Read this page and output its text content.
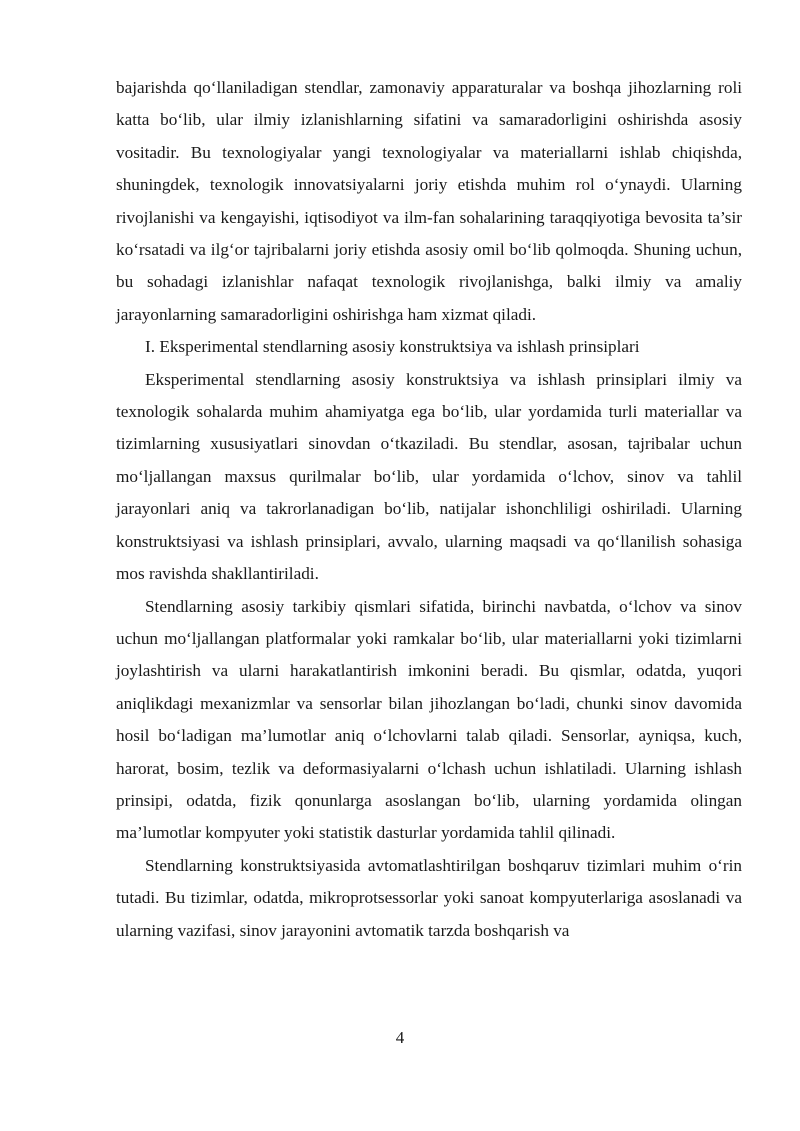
bajarishda qo‘llaniladigan stendlar, zamonaviy apparaturalar va boshqa jihozlarning roli katta bo‘lib, ular ilmiy izlanishlarning sifatini va samaradorligini oshirishda asosiy vositadir. Bu texnologiyalar yangi texnologiyalar va materiallarni ishlab chiqishda, shuningdek, texnologik innovatsiyalarni joriy etishda muhim rol o‘ynaydi. Ularning rivojlanishi va kengayishi, iqtisodiyot va ilm-fan sohalarining taraqqiyotiga bevosita ta’sir ko‘rsatadi va ilg‘or tajribalarni joriy etishda asosiy omil bo‘lib qolmoqda. Shuning uchun, bu sohadagi izlanishlar nafaqat texnologik rivojlanishga, balki ilmiy va amaliy jarayonlarning samaradorligini oshirishga ham xizmat qiladi.

I. Eksperimental stendlarning asosiy konstruktsiya va ishlash prinsiplari

Eksperimental stendlarning asosiy konstruktsiya va ishlash prinsiplari ilmiy va texnologik sohalarda muhim ahamiyatga ega bo‘lib, ular yordamida turli materiallar va tizimlarning xususiyatlari sinovdan o‘tkaziladi. Bu stendlar, asosan, tajribalar uchun mo‘ljallangan maxsus qurilmalar bo‘lib, ular yordamida o‘lchov, sinov va tahlil jarayonlari aniq va takrorlanadigan bo‘lib, natijalar ishonchliligi oshiriladi. Ularning konstruktsiyasi va ishlash prinsiplari, avvalo, ularning maqsadi va qo‘llanilish sohasiga mos ravishda shakllantiriladi.

Stendlarning asosiy tarkibiy qismlari sifatida, birinchi navbatda, o‘lchov va sinov uchun mo‘ljallangan platformalar yoki ramkalar bo‘lib, ular materiallarni yoki tizimlarni joylashtirish va ularni harakatlantirish imkonini beradi. Bu qismlar, odatda, yuqori aniqlikdagi mexanizmlar va sensorlar bilan jihozlangan bo‘ladi, chunki sinov davomida hosil bo‘ladigan ma’lumotlar aniq o‘lchovlarni talab qiladi. Sensorlar, ayniqsa, kuch, harorat, bosim, tezlik va deformasiyalarni o‘lchash uchun ishlatiladi. Ularning ishlash prinsipi, odatda, fizik qonunlarga asoslangan bo‘lib, ularning yordamida olingan ma’lumotlar kompyuter yoki statistik dasturlar yordamida tahlil qilinadi.

Stendlarning konstruktsiyasida avtomatlashtirilgan boshqaruv tizimlari muhim o‘rin tutadi. Bu tizimlar, odatda, mikroprotsessorlar yoki sanoat kompyuterlariga asoslanadi va ularning vazifasi, sinov jarayonini avtomatik tarzda boshqarish va

4
